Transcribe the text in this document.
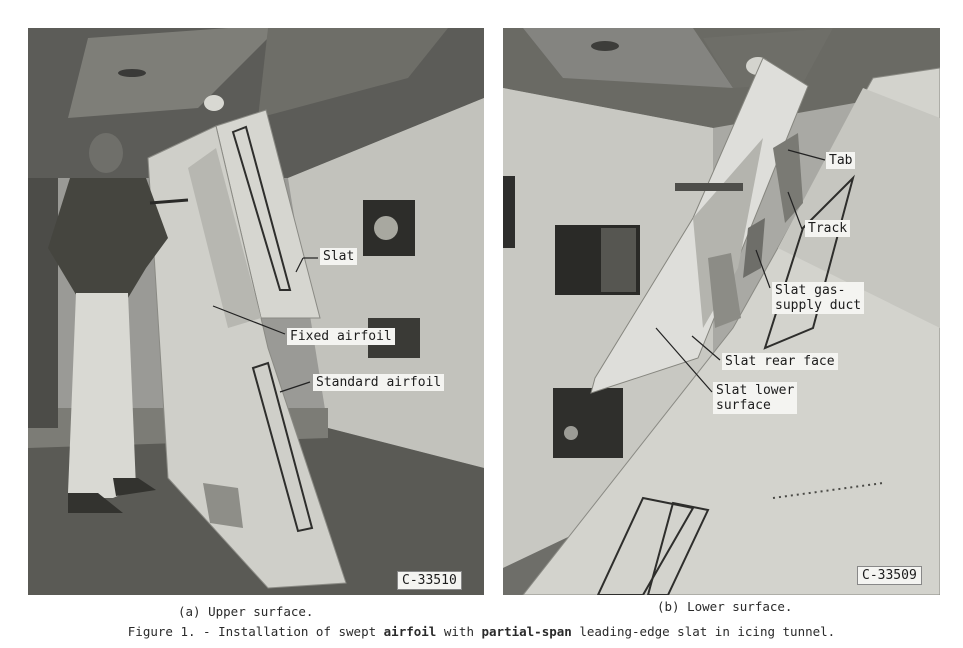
Slat
Fixed airfoil
Standard airfoil
C-33510
Tab
Track
Slat gas-
supply duct
Slat rear face
Slat lower
surface
C-33509
(a) Upper surface.	(b) Lower surface.
Figure 1. - Installation of swept airfoil with partial-span leading-edge slat in icing tunnel.
